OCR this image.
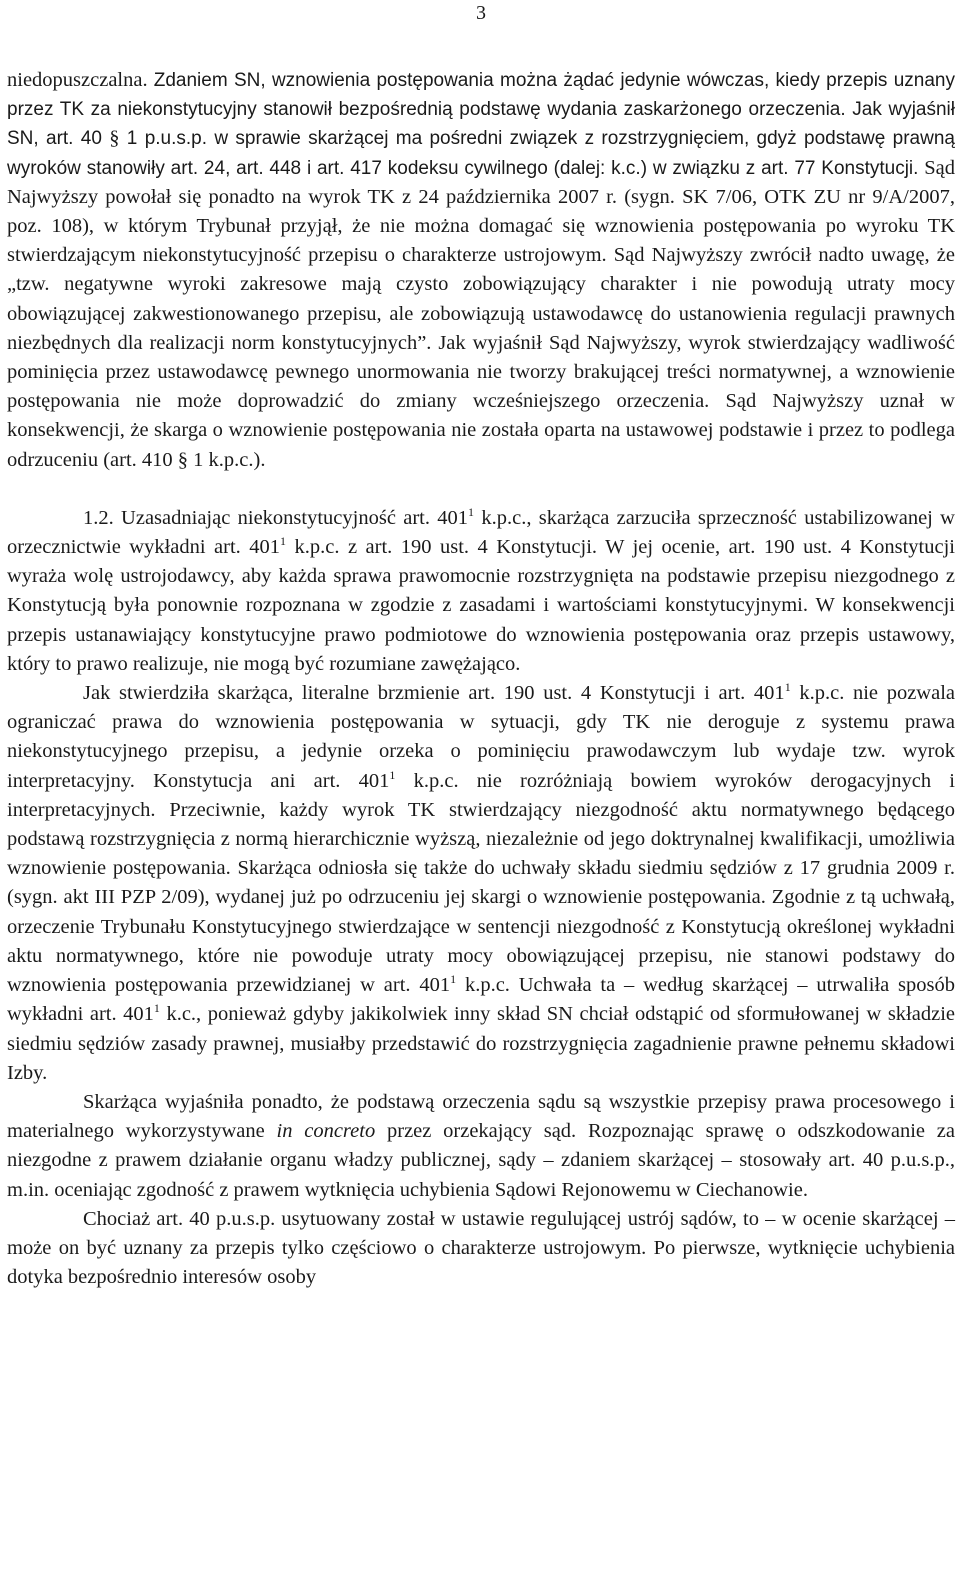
3

niedopuszczalna. Zdaniem SN, wznowienia postępowania można żądać jedynie wówczas, kiedy przepis uznany przez TK za niekonstytucyjny stanowił bezpośrednią podstawę wydania zaskarżonego orzeczenia. Jak wyjaśnił SN, art. 40 § 1 p.u.s.p. w sprawie skarżącej ma pośredni związek z rozstrzygnięciem, gdyż podstawę prawną wyroków stanowiły art. 24, art. 448 i art. 417 kodeksu cywilnego (dalej: k.c.) w związku z art. 77 Konstytucji. Sąd Najwyższy powołał się ponadto na wyrok TK z 24 października 2007 r. (sygn. SK 7/06, OTK ZU nr 9/A/2007, poz. 108), w którym Trybunał przyjął, że nie można domagać się wznowienia postępowania po wyroku TK stwierdzającym niekonstytucyjność przepisu o charakterze ustrojowym. Sąd Najwyższy zwrócił nadto uwagę, że „tzw. negatywne wyroki zakresowe mają czysto zobowiązujący charakter i nie powodują utraty mocy obowiązującej zakwestionowanego przepisu, ale zobowiązują ustawodawcę do ustanowienia regulacji prawnych niezbędnych dla realizacji norm konstytucyjnych”. Jak wyjaśnił Sąd Najwyższy, wyrok stwierdzający wadliwość pominięcia przez ustawodawcę pewnego unormowania nie tworzy brakującej treści normatywnej, a wznowienie postępowania nie może doprowadzić do zmiany wcześniejszego orzeczenia. Sąd Najwyższy uznał w konsekwencji, że skarga o wznowienie postępowania nie została oparta na ustawowej podstawie i przez to podlega odrzuceniu (art. 410 § 1 k.p.c.).

1.2. Uzasadniając niekonstytucyjność art. $401^1$ k.p.c., skarżąca zarzuciła sprzeczność ustabilizowanej w orzecznictwie wykładni art. $401^1$ k.p.c. z art. 190 ust. 4 Konstytucji. W jej ocenie, art. 190 ust. 4 Konstytucji wyraża wolę ustrojodawcy, aby każda sprawa prawomocnie rozstrzygnięta na podstawie przepisu niezgodnego z Konstytucją była ponownie rozpoznana w zgodzie z zasadami i wartościami konstytucyjnymi. W konsekwencji przepis ustanawiający konstytucyjne prawo podmiotowe do wznowienia postępowania oraz przepis ustawowy, który to prawo realizuje, nie mogą być rozumiane zawężająco.

Jak stwierdziła skarżąca, literalne brzmienie art. 190 ust. 4 Konstytucji i art. $401^1$ k.p.c. nie pozwala ograniczać prawa do wznowienia postępowania w sytuacji, gdy TK nie deroguje z systemu prawa niekonstytucyjnego przepisu, a jedynie orzeka o pominięciu prawodawczym lub wydaje tzw. wyrok interpretacyjny. Konstytucja ani art. $401^1$ k.p.c. nie rozróżniają bowiem wyroków derogacyjnych i interpretacyjnych. Przeciwnie, każdy wyrok TK stwierdzający niezgodność aktu normatywnego będącego podstawą rozstrzygnięcia z normą hierarchicznie wyższą, niezależnie od jego doktrynalnej kwalifikacji, umożliwia wznowienie postępowania. Skarżąca odniosła się także do uchwały składu siedmiu sędziów z 17 grudnia 2009 r. (sygn. akt III PZP 2/09), wydanej już po odrzuceniu jej skargi o wznowienie postępowania. Zgodnie z tą uchwałą, orzeczenie Trybunału Konstytucyjnego stwierdzające w sentencji niezgodność z Konstytucją określonej wykładni aktu normatywnego, które nie powoduje utraty mocy obowiązującej przepisu, nie stanowi podstawy do wznowienia postępowania przewidzianej w art. $401^1$ k.p.c. Uchwała ta – według skarżącej – utrwaliła sposób wykładni art. $401^1$ k.c., ponieważ gdyby jakikolwiek inny skład SN chciał odstąpić od sformułowanej w składzie siedmiu sędziów zasady prawnej, musiałby przedstawić do rozstrzygnięcia zagadnienie prawne pełnemu składowi Izby.

Skarżąca wyjaśniła ponadto, że podstawą orzeczenia sądu są wszystkie przepisy prawa procesowego i materialnego wykorzystywane in concreto przez orzekający sąd. Rozpoznając sprawę o odszkodowanie za niezgodne z prawem działanie organu władzy publicznej, sądy – zdaniem skarżącej – stosowały art. 40 p.u.s.p., m.in. oceniając zgodność z prawem wytknięcia uchybienia Sądowi Rejonowemu w Ciechanowie.

Chociaż art. 40 p.u.s.p. usytuowany został w ustawie regulującej ustrój sądów, to – w ocenie skarżącej – może on być uznany za przepis tylko częściowo o charakterze ustrojowym. Po pierwsze, wytknięcie uchybienia dotyka bezpośrednio interesów osoby
